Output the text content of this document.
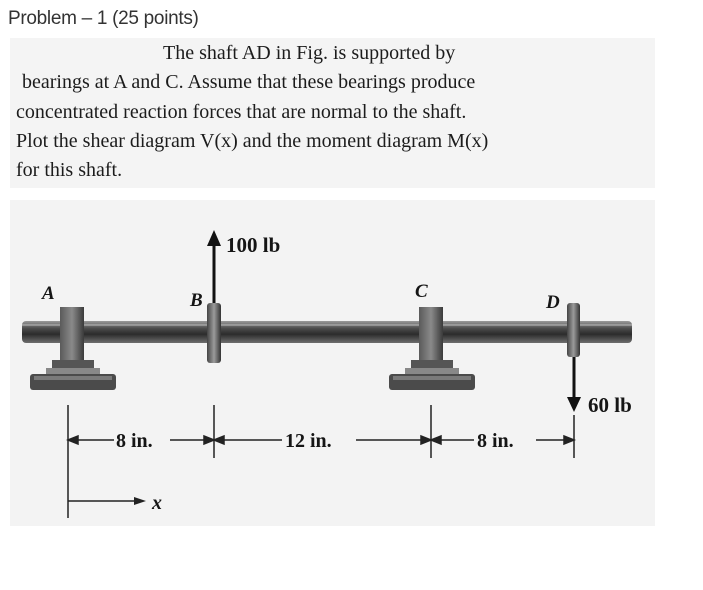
Problem – 1 (25 points)
The shaft AD in Fig. is supported by
bearings at A and C. Assume that these bearings produce
concentrated reaction forces that are normal to the shaft.
Plot the shear diagram V(x) and the moment diagram M(x)
for this shaft.
A	B	C
D
100 lb
60 lb
8 in.	12 in.	8 in.
x
